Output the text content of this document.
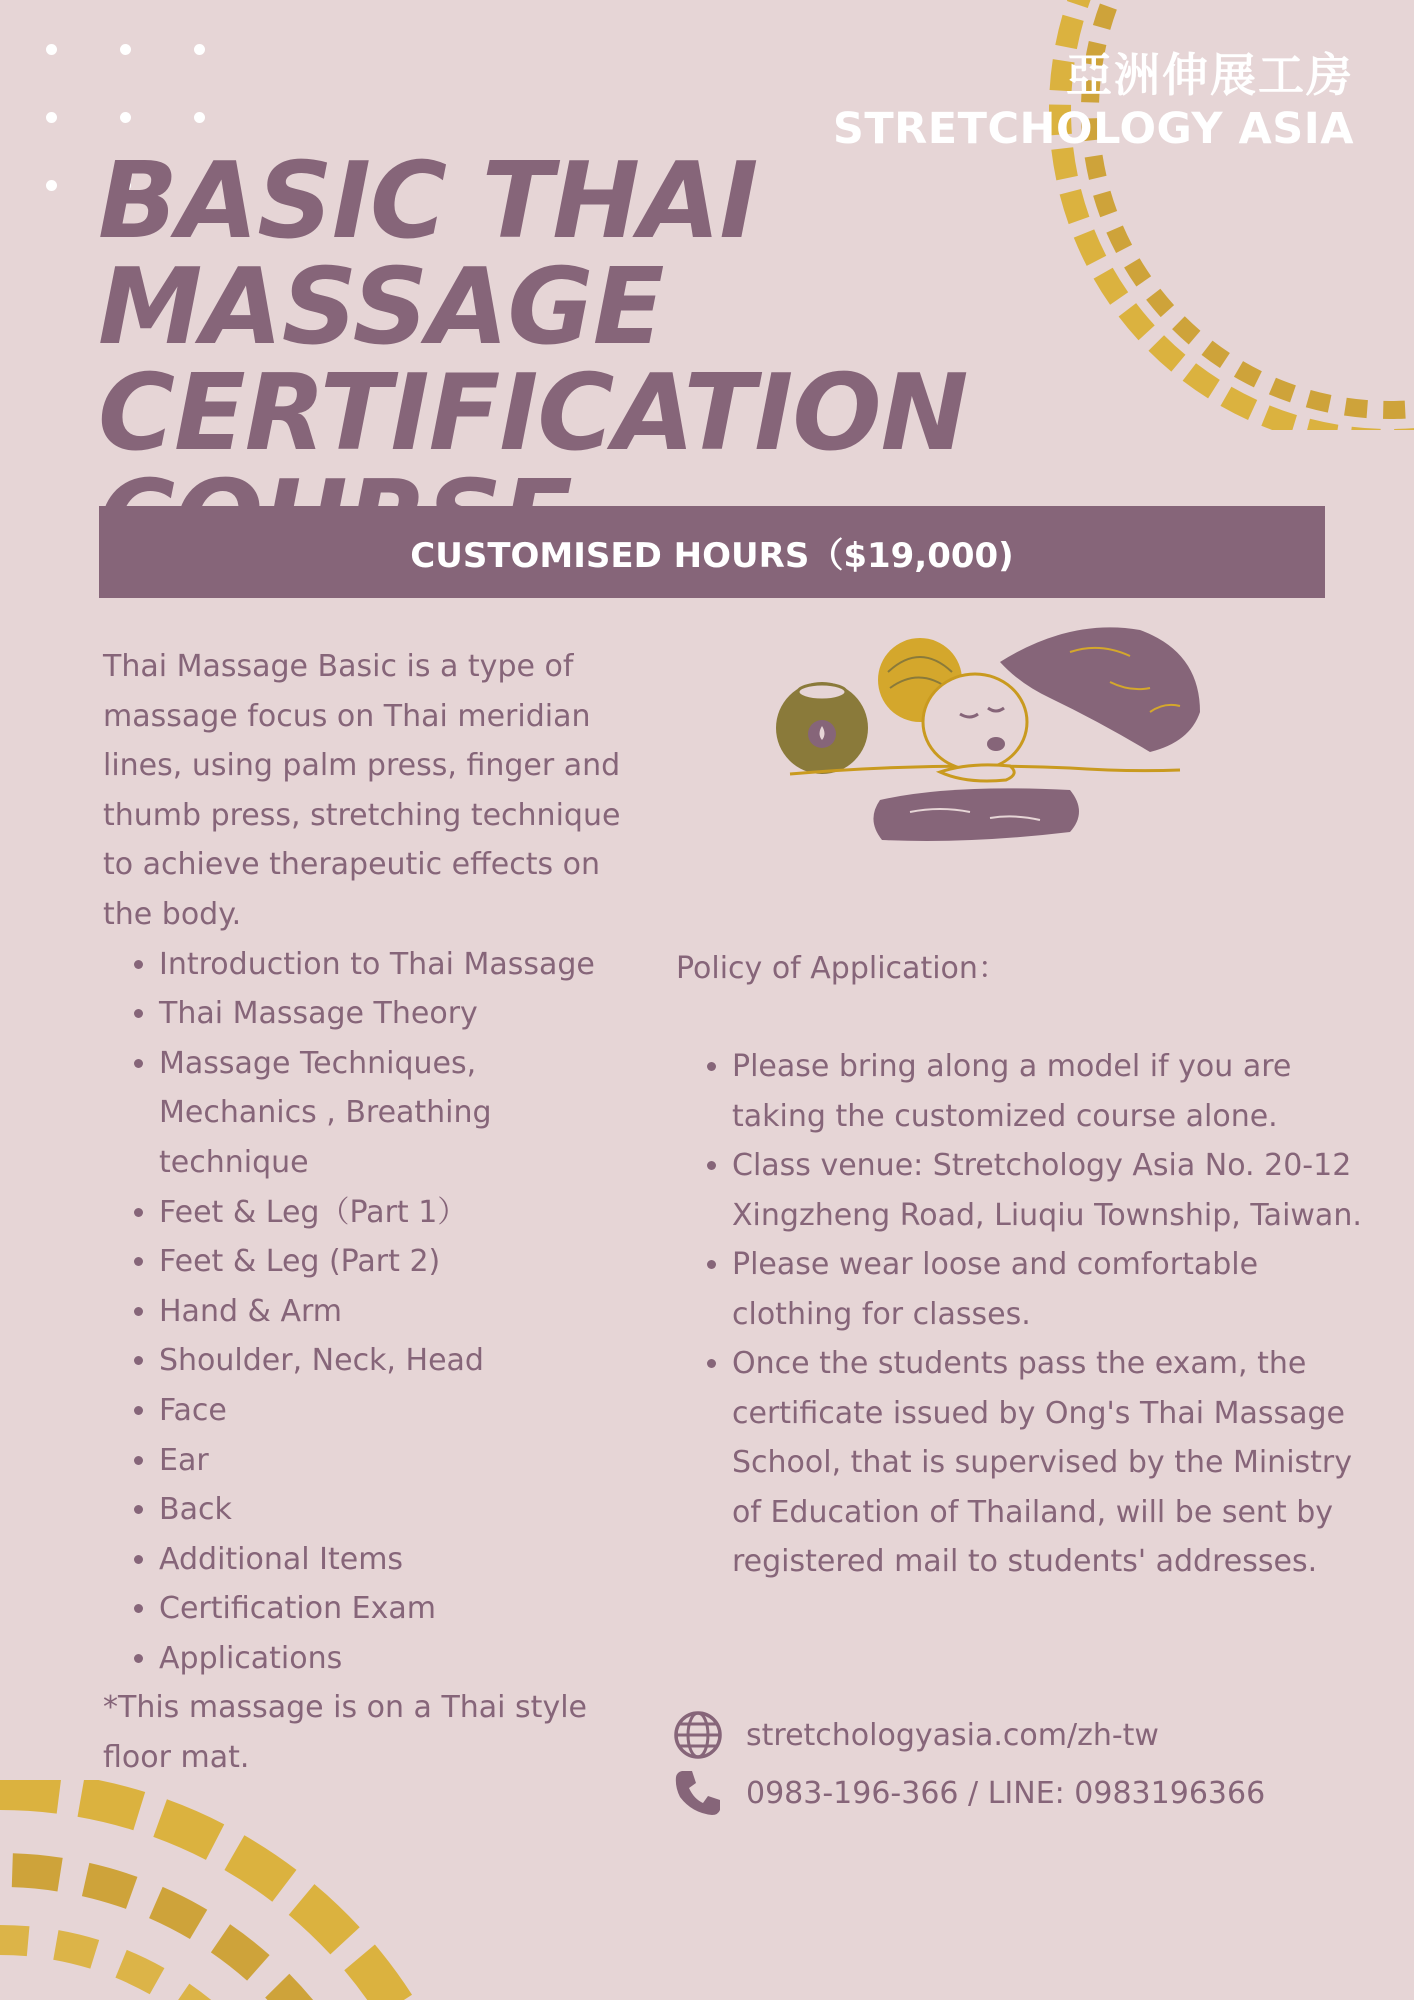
亞洲伸展工房
STRETCHOLOGY ASIA
BASIC THAI MASSAGE
CERTIFICATION
CUSTOMISED HOURS（$19,000)

Thai Massage Basic is a type of massage focus on Thai meridian lines, using palm press, finger and thumb press, stretching technique to achieve therapeutic effects on the body.

• Introduction to Thai Massage
• Thai Massage Theory
• Massage Techniques, Mechanics , Breathing technique
• Feet & Leg（Part 1）
• Feet & Leg (Part 2)
• Hand & Arm
• Shoulder, Neck, Head
• Face
• Ear
• Back
• Additional Items
• Certification Exam
• Applications

*This massage is on a Thai style floor mat.

Policy of Application：

• Please bring along a model if you are taking the customized course alone.
• Class venue: Stretchology Asia No. 20-12 Xingzheng Road, Liuqiu Township, Taiwan.
• Please wear loose and comfortable clothing for classes.
• Once the students pass the exam, the certificate issued by Ong's Thai Massage School, that is supervised by the Ministry of Education of Thailand, will be sent by registered mail to students' addresses.
stretchologyasia.com/zh-tw
0983-196-366 / LINE: 0983196366
